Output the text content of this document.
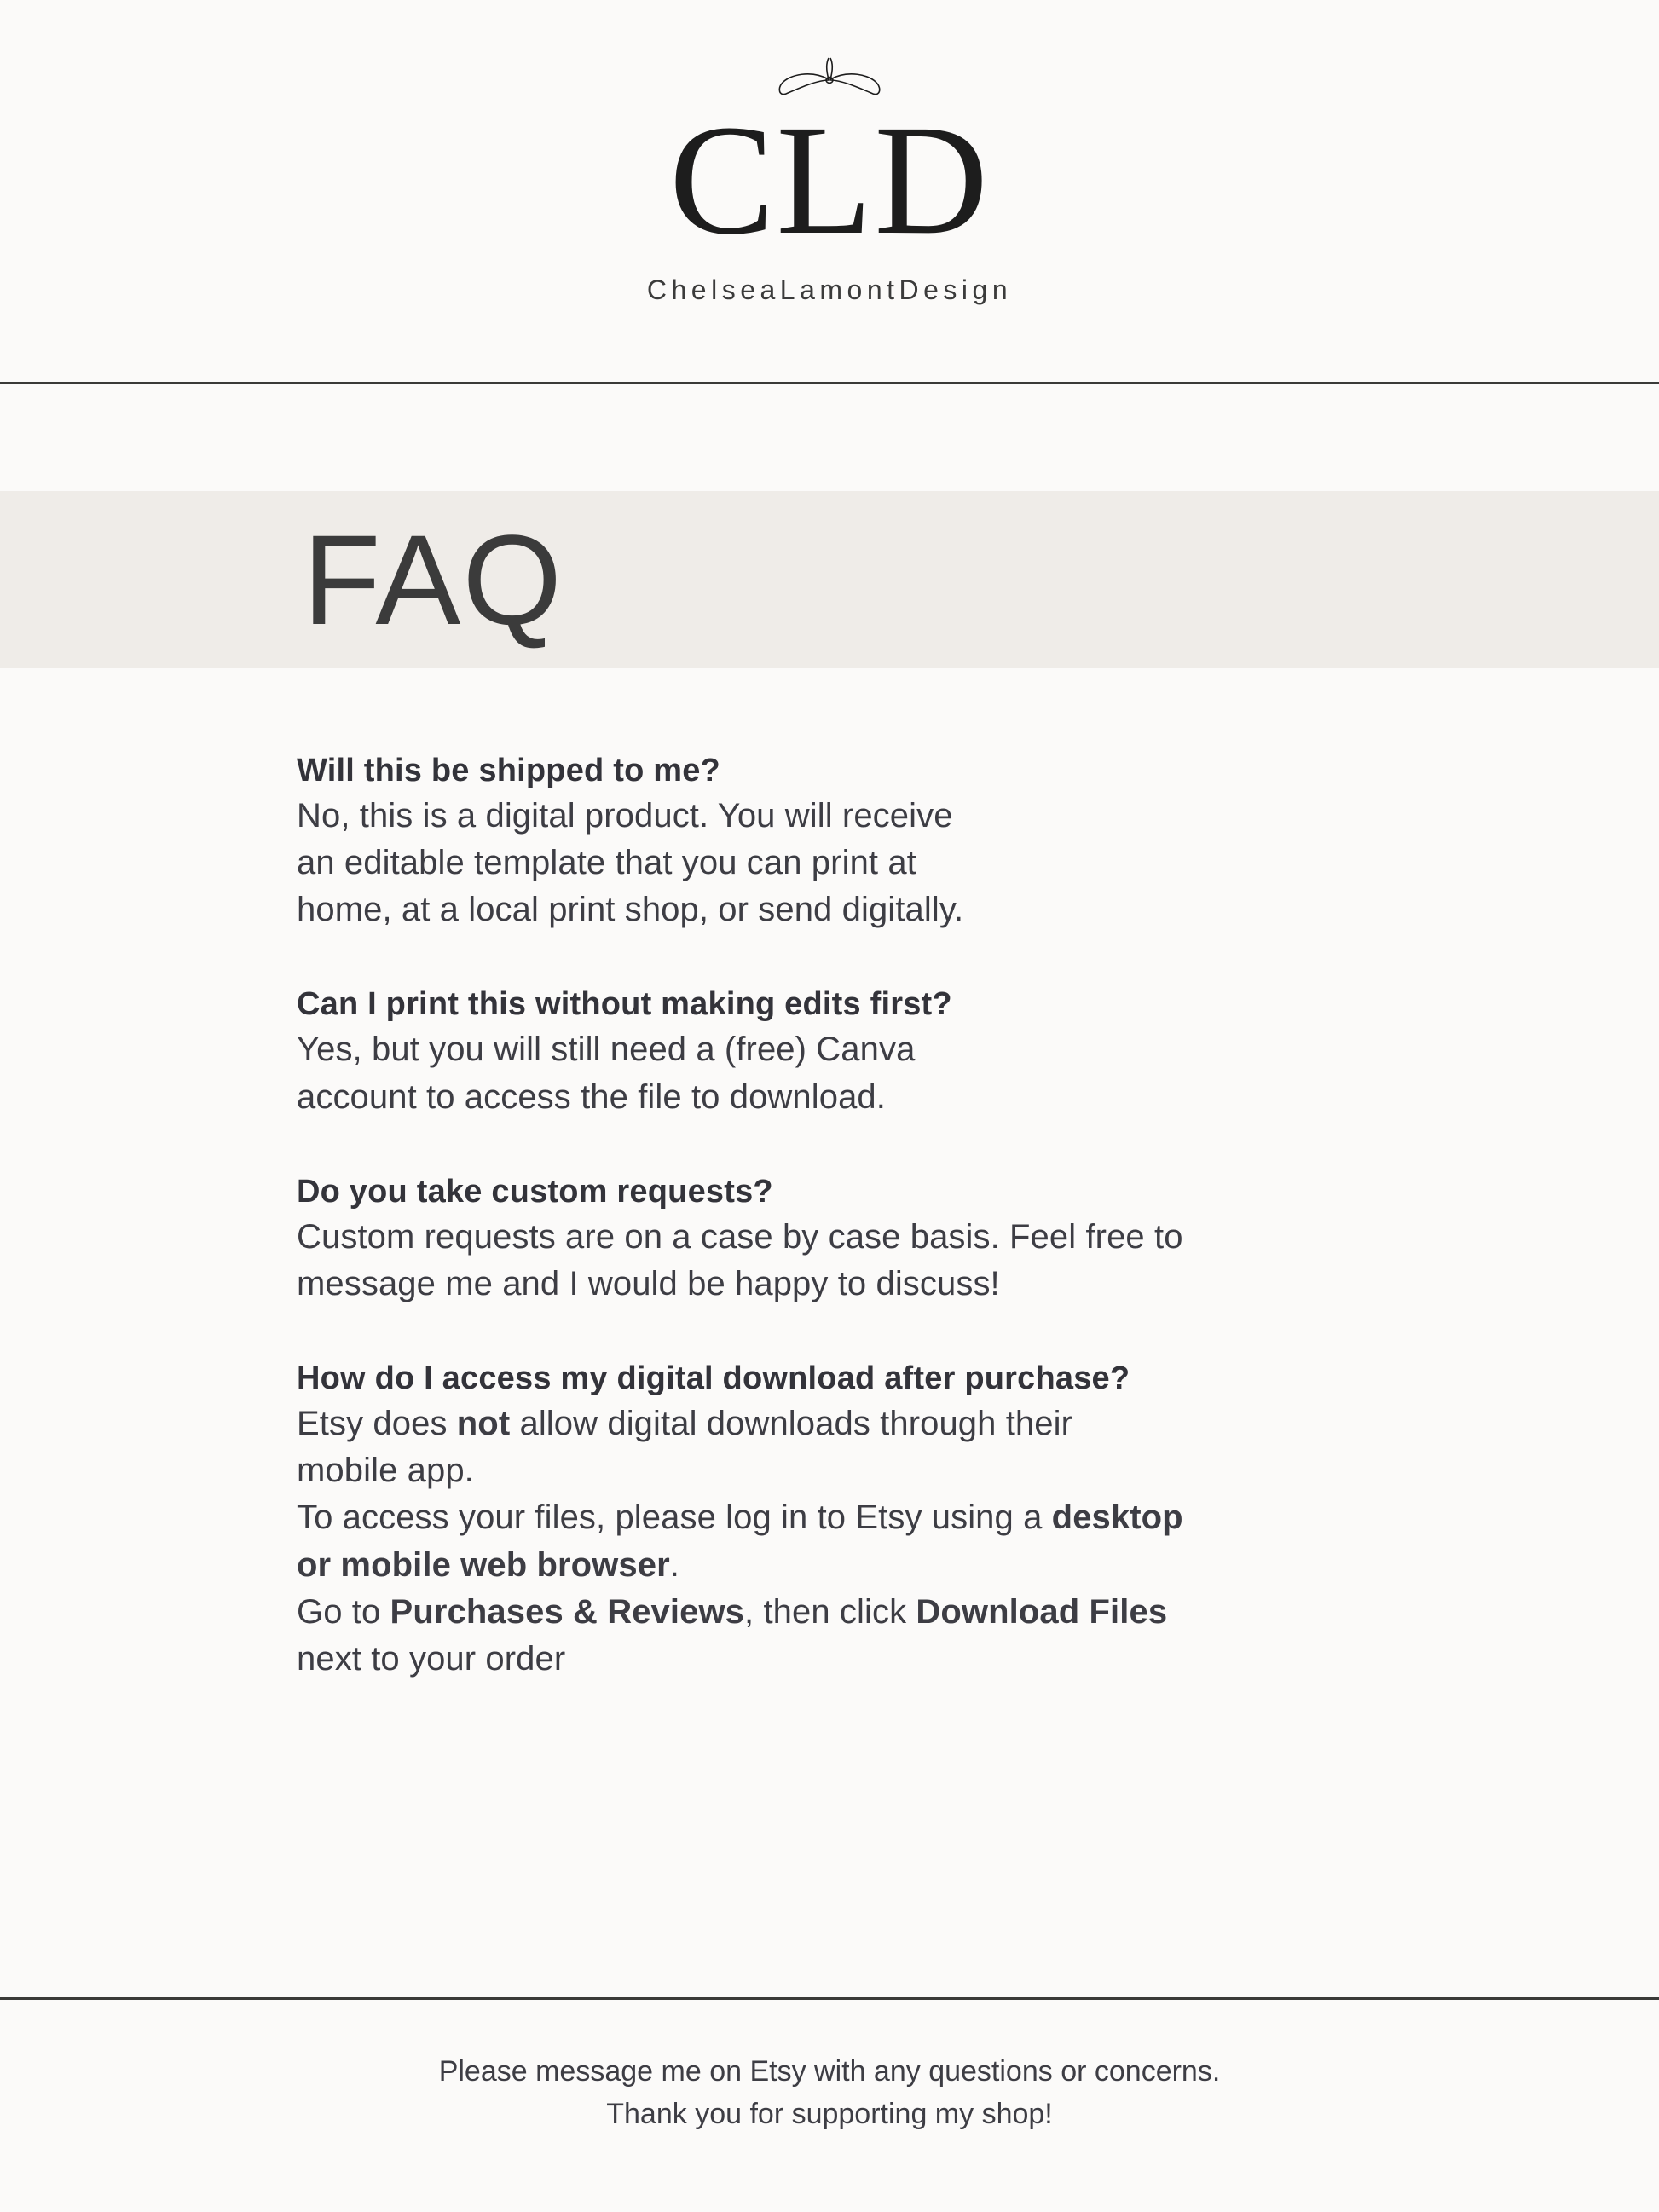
CLD
ChelseaLamontDesign
FAQ
Will this be shipped to me?
No, this is a digital product. You will receive
an editable template that you can print at
home, at a local print shop, or send digitally.
Can I print this without making edits first?
Yes, but you will still need a (free) Canva
account to access the file to download.
Do you take custom requests?
Custom requests are on a case by case basis. Feel free to
message me and I would be happy to discuss!
How do I access my digital download after purchase?
Etsy does not allow digital downloads through their
mobile app.
To access your files, please log in to Etsy using a desktop
or mobile web browser.
Go to Purchases & Reviews, then click Download Files
next to your order
Please message me on Etsy with any questions or concerns.
Thank you for supporting my shop!
